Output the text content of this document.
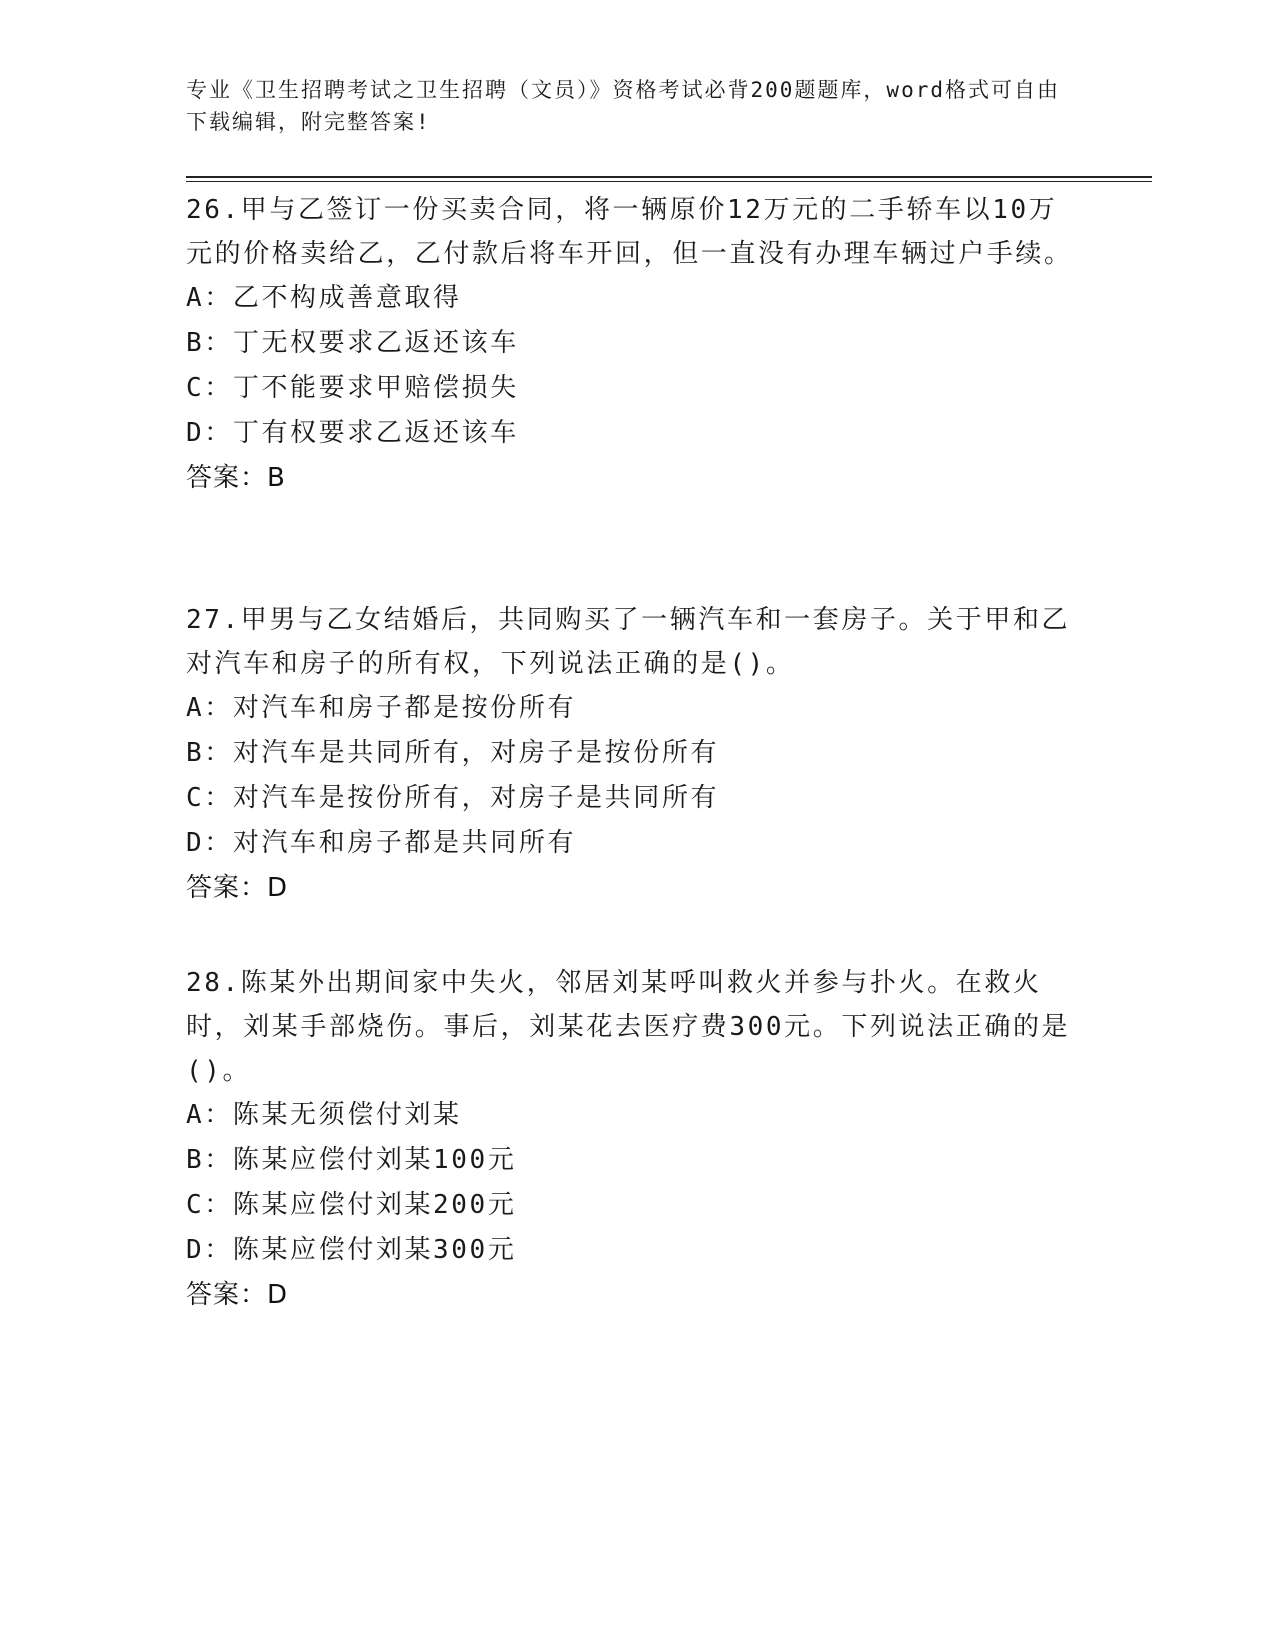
专业《卫生招聘考试之卫生招聘（文员）》资格考试必背200题题库，word格式可自由下载编辑，附完整答案!

26.甲与乙签订一份买卖合同，将一辆原价12万元的二手轿车以10万元的价格卖给乙，乙付款后将车开回，但一直没有办理车辆过户手续。

A：乙不构成善意取得

B：丁无权要求乙返还该车

C：丁不能要求甲赔偿损失

D：丁有权要求乙返还该车

答案：B

27.甲男与乙女结婚后，共同购买了一辆汽车和一套房子。关于甲和乙对汽车和房子的所有权，下列说法正确的是()。

A：对汽车和房子都是按份所有

B：对汽车是共同所有，对房子是按份所有

C：对汽车是按份所有，对房子是共同所有

D：对汽车和房子都是共同所有

答案：D

28.陈某外出期间家中失火，邻居刘某呼叫救火并参与扑火。在救火时，刘某手部烧伤。事后，刘某花去医疗费300元。下列说法正确的是()。

A：陈某无须偿付刘某

B：陈某应偿付刘某100元

C：陈某应偿付刘某200元

D：陈某应偿付刘某300元

答案：D
